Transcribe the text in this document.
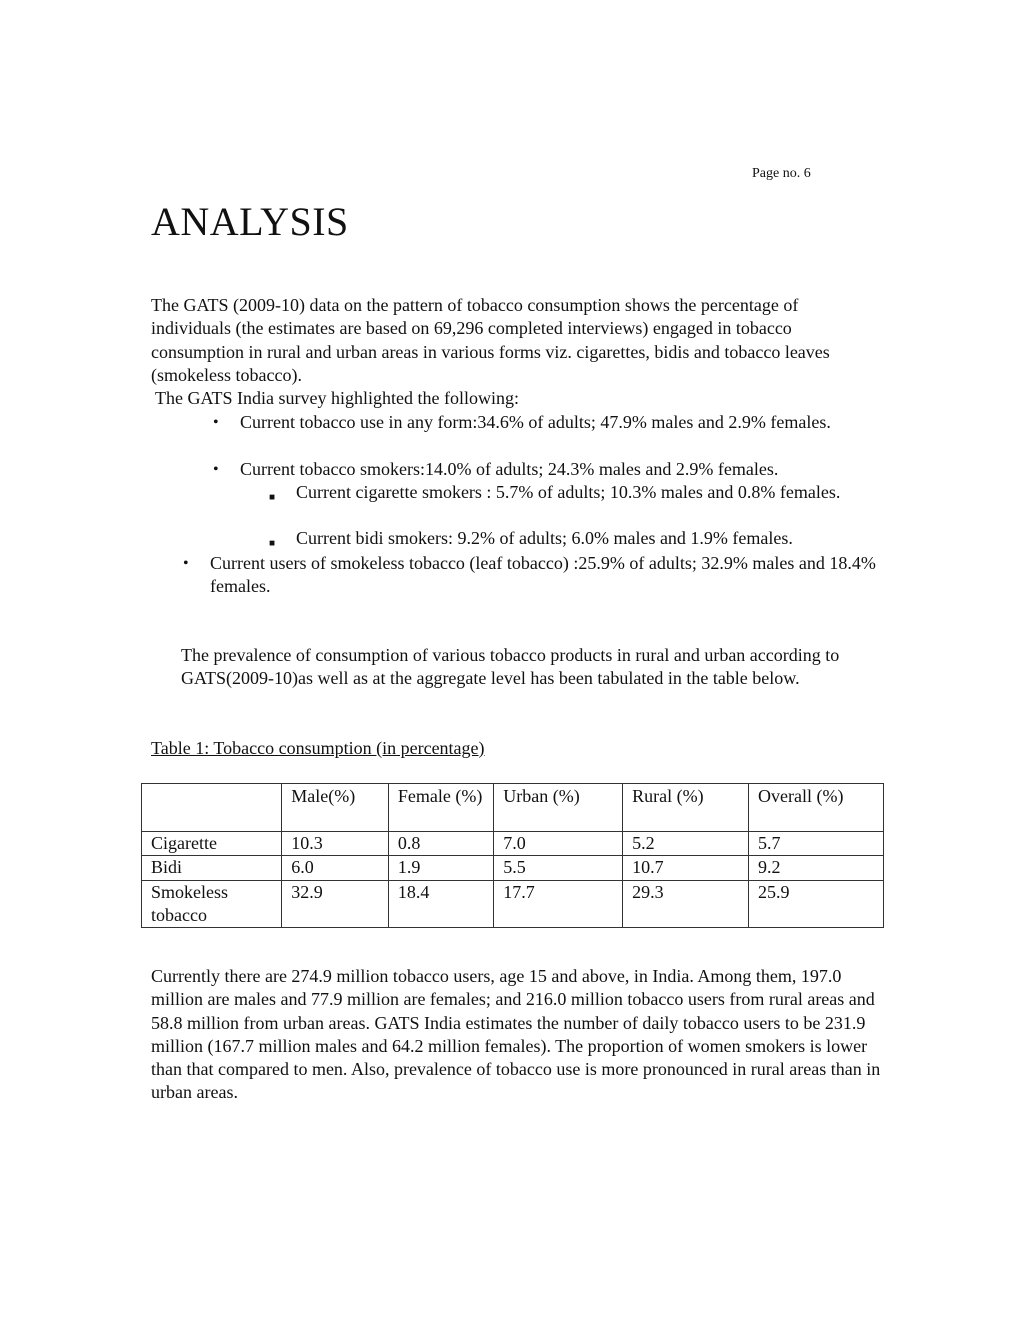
Page no. 6
ANALYSIS

The GATS (2009-10) data on the pattern of tobacco consumption shows the percentage of individuals (the estimates are based on 69,296 completed interviews) engaged in tobacco consumption in rural and urban areas in various forms viz. cigarettes, bidis and tobacco leaves (smokeless tobacco).

The GATS India survey highlighted the following:

• Current tobacco use in any form:34.6% of adults; 47.9% males and 2.9% females.
• Current tobacco smokers:14.0% of adults; 24.3% males and 2.9% females.
■ Current cigarette smokers : 5.7% of adults; 10.3% males and 0.8% females.
■ Current bidi smokers: 9.2% of adults; 6.0% males and 1.9% females.
• Current users of smokeless tobacco (leaf tobacco) :25.9% of adults; 32.9% males and 18.4% females.

The prevalence of consumption of various tobacco products in rural and urban according to GATS(2009-10)as well as at the aggregate level has been tabulated in the table below.

Table 1: Tobacco consumption (in percentage)

	Male(%)	Female (%)	Urban (%)	Rural (%)	Overall (%)
Cigarette	10.3	0.8	7.0	5.2	5.7
Bidi	6.0	1.9	5.5	10.7	9.2
Smokeless tobacco	32.9	18.4	17.7	29.3	25.9

Currently there are 274.9 million tobacco users, age 15 and above, in India. Among them, 197.0 million are males and 77.9 million are females; and 216.0 million tobacco users from rural areas and 58.8 million from urban areas. GATS India estimates the number of daily tobacco users to be 231.9 million (167.7 million males and 64.2 million females). The proportion of women smokers is lower than that compared to men. Also, prevalence of tobacco use is more pronounced in rural areas than in urban areas.
